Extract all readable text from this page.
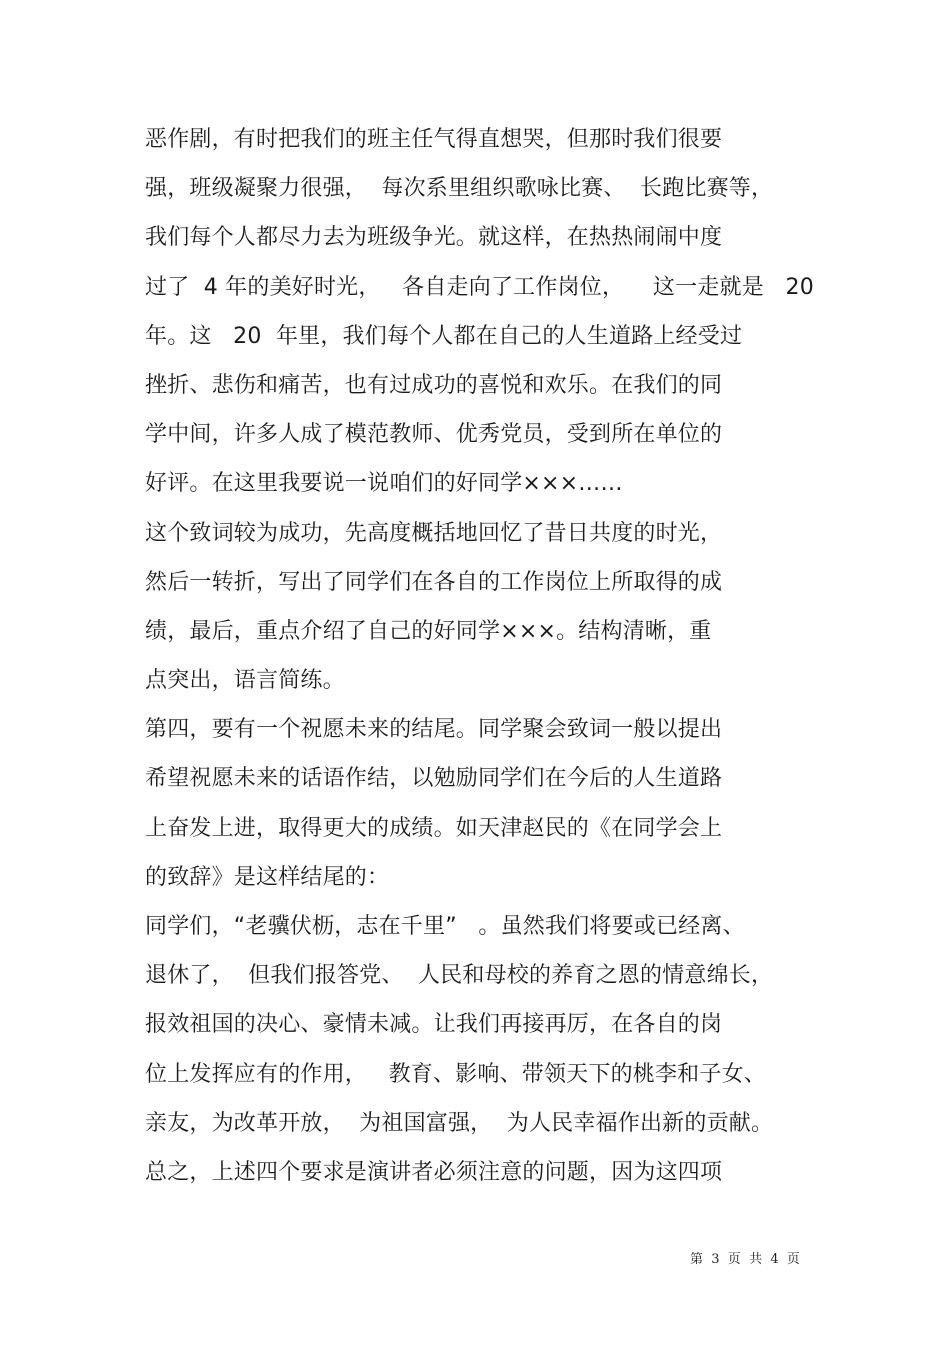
恶作剧，有时把我们的班主任气得直想哭，但那时我们很要
强，班级凝聚力很强，  每次系里组织歌咏比赛、  长跑比赛等，
我们每个人都尽力去为班级争光。就这样，在热热闹闹中度
过了  4 年的美好时光，   各自走向了工作岗位，    这一走就是   20
年。这   20  年里，我们每个人都在自己的人生道路上经受过
挫折、悲伤和痛苦，也有过成功的喜悦和欢乐。在我们的同
学中间，许多人成了模范教师、优秀党员，受到所在单位的
好评。在这里我要说一说咱们的好同学×××……
这个致词较为成功，先高度概括地回忆了昔日共度的时光，
然后一转折，写出了同学们在各自的工作岗位上所取得的成
绩，最后，重点介绍了自己的好同学×××。结构清晰，重
点突出，语言简练。
第四，要有一个祝愿未来的结尾。同学聚会致词一般以提出
希望祝愿未来的话语作结，以勉励同学们在今后的人生道路
上奋发上进，取得更大的成绩。如天津赵民的《在同学会上
的致辞》是这样结尾的：
同学们，“老骥伏枥，志在千里”   。虽然我们将要或已经离、
退休了，  但我们报答党、  人民和母校的养育之恩的情意绵长，
报效祖国的决心、豪情未减。让我们再接再厉，在各自的岗
位上发挥应有的作用，   教育、影响、带领天下的桃李和子女、
亲友，为改革开放，  为祖国富强，  为人民幸福作出新的贡献。
总之，上述四个要求是演讲者必须注意的问题，因为这四项
第  3  页  共  4  页
